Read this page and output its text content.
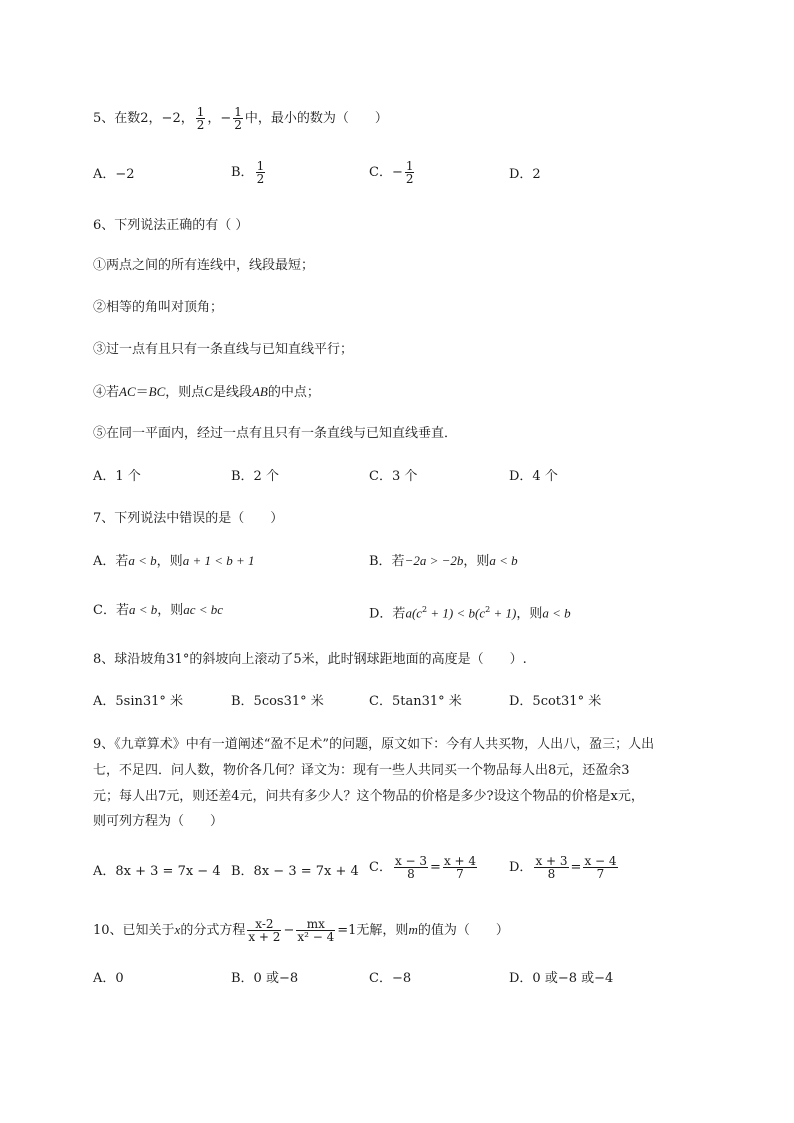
5、在数2，−2， $\frac{1}{2}$ ，− $\frac{1}{2}$ 中，最小的数为（　　）
A．−2	B． $\frac{1}{2}$	C．− $\frac{1}{2}$	D．2
6、下列说法正确的有（ ）
①两点之间的所有连线中，线段最短；
②相等的角叫对顶角；
③过一点有且只有一条直线与已知直线平行；
④若AC＝BC，则点C是线段AB的中点；
⑤在同一平面内，经过一点有且只有一条直线与已知直线垂直．
A．1 个	B．2 个	C．3 个	D．4 个
7、下列说法中错误的是（　　）
A．若a < b，则a + 1 < b + 1	B．若−2a > −2b，则a < b
C．若a < b，则ac < bc	D．若$a(c^2 + 1) < b(c^2 + 1)$，则a < b
8、球沿坡角31°的斜坡向上滚动了5米，此时钢球距地面的高度是（　　）.
A．5sin31° 米	B．5cos31° 米	C．5tan31° 米	D．5cot31° 米
9、《九章算术》中有一道阐述“盈不足术”的问题，原文如下：今有人共买物，人出八，盈三；人出
七，不足四．问人数，物价各几何？译文为：现有一些人共同买一个物品每人出8元，还盈余3
元；每人出7元，则还差4元，问共有多少人？这个物品的价格是多少?设这个物品的价格是x元，
则可列方程为（　　）
A．8x + 3 = 7x − 4 B．8x − 3 = 7x + 4 C． $\frac{x - 3}{8} = \frac{x + 4}{7}$ D． $\frac{x + 3}{8} = \frac{x - 4}{7}$
10、已知关于x的分式方程 $\frac{x-2}{x + 2} - \frac{mx}{\text{x² − 4}} =1$无解，则m的值为（　　）
A．0	B．0 或−8	C．−8	D．0 或−8 或−4
